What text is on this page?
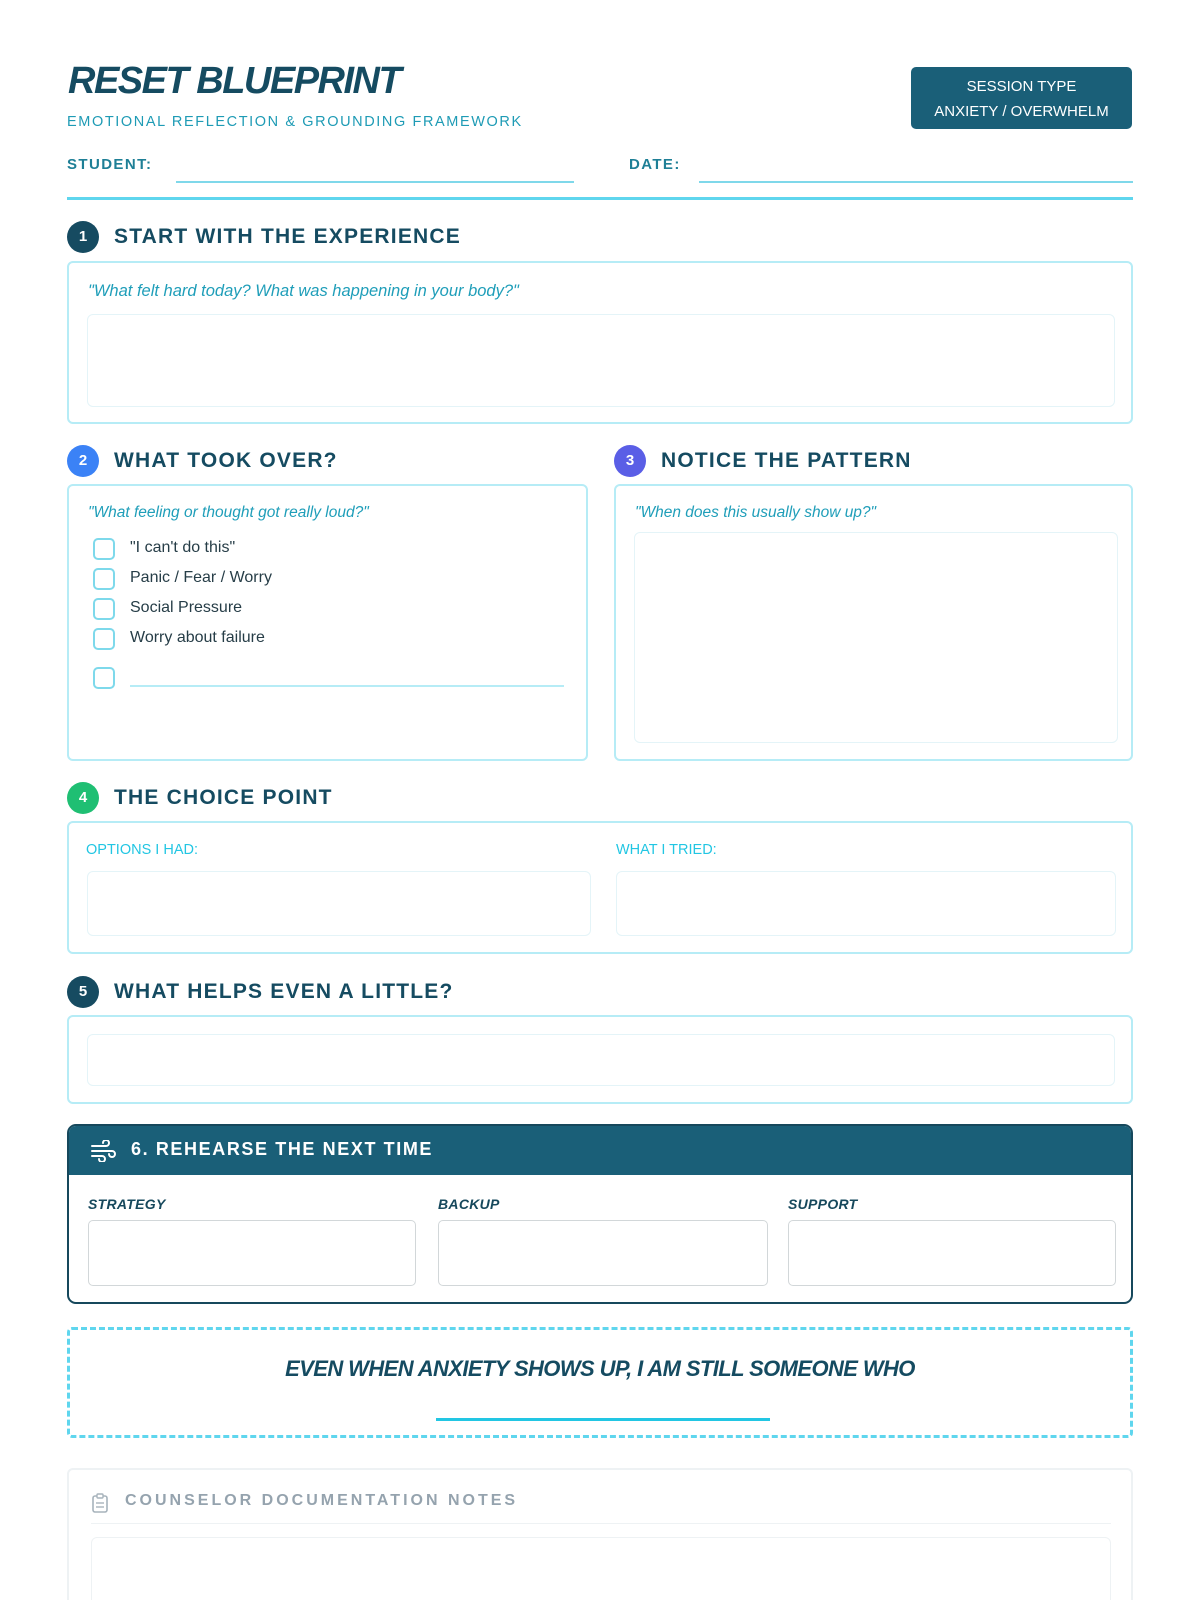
RESET BLUEPRINT
EMOTIONAL REFLECTION & GROUNDING FRAMEWORK
SESSION TYPE
ANXIETY / OVERWHELM
STUDENT:	DATE:
1	START WITH THE EXPERIENCE
"What felt hard today? What was happening in your body?"
2	WHAT TOOK OVER?
"What feeling or thought got really loud?"
"I can't do this"
Panic / Fear / Worry
Social Pressure
Worry about failure
3	NOTICE THE PATTERN
"When does this usually show up?"
4	THE CHOICE POINT
OPTIONS I HAD:	WHAT I TRIED:
5	WHAT HELPS EVEN A LITTLE?
6. REHEARSE THE NEXT TIME
STRATEGY	BACKUP	SUPPORT
EVEN WHEN ANXIETY SHOWS UP, I AM STILL SOMEONE WHO
COUNSELOR DOCUMENTATION NOTES
